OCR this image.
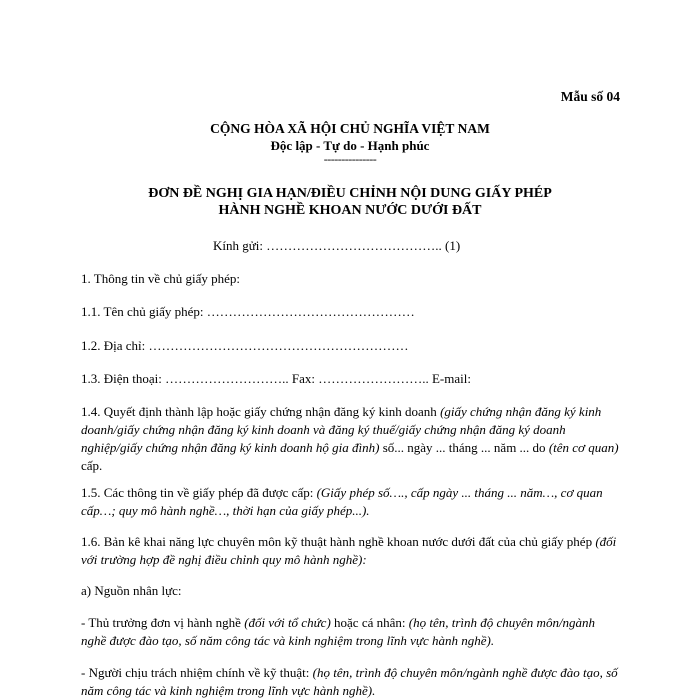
Mẫu số 04
CỘNG HÒA XÃ HỘI CHỦ NGHĨA VIỆT NAM
Độc lập - Tự do - Hạnh phúc
---------------
ĐƠN ĐỀ NGHỊ GIA HẠN/ĐIỀU CHỈNH NỘI DUNG GIẤY PHÉP
HÀNH NGHỀ KHOAN NƯỚC DƯỚI ĐẤT
Kính gửi: ………………………………….. (1)
1. Thông tin về chủ giấy phép:
1.1. Tên chủ giấy phép: …………………………………………
1.2. Địa chỉ: ……………………………………………………
1.3. Điện thoại: ……………………….. Fax: …………………….. E-mail:
1.4. Quyết định thành lập hoặc giấy chứng nhận đăng ký kinh doanh (giấy chứng nhận đăng ký kinh doanh/giấy chứng nhận đăng ký kinh doanh và đăng ký thuế/giấy chứng nhận đăng ký doanh nghiệp/giấy chứng nhận đăng ký kinh doanh hộ gia đình) số... ngày ... tháng ... năm ... do (tên cơ quan) cấp.
1.5. Các thông tin về giấy phép đã được cấp: (Giấy phép số…., cấp ngày ... tháng ... năm…, cơ quan cấp…; quy mô hành nghề…, thời hạn của giấy phép...).
1.6. Bản kê khai năng lực chuyên môn kỹ thuật hành nghề khoan nước dưới đất của chủ giấy phép (đối với trường hợp đề nghị điều chỉnh quy mô hành nghề):
a) Nguồn nhân lực:
- Thủ trưởng đơn vị hành nghề (đối với tổ chức) hoặc cá nhân: (họ tên, trình độ chuyên môn/ngành nghề được đào tạo, số năm công tác và kinh nghiệm trong lĩnh vực hành nghề).
- Người chịu trách nhiệm chính về kỹ thuật: (họ tên, trình độ chuyên môn/ngành nghề được đào tạo, số năm công tác và kinh nghiệm trong lĩnh vực hành nghề).
